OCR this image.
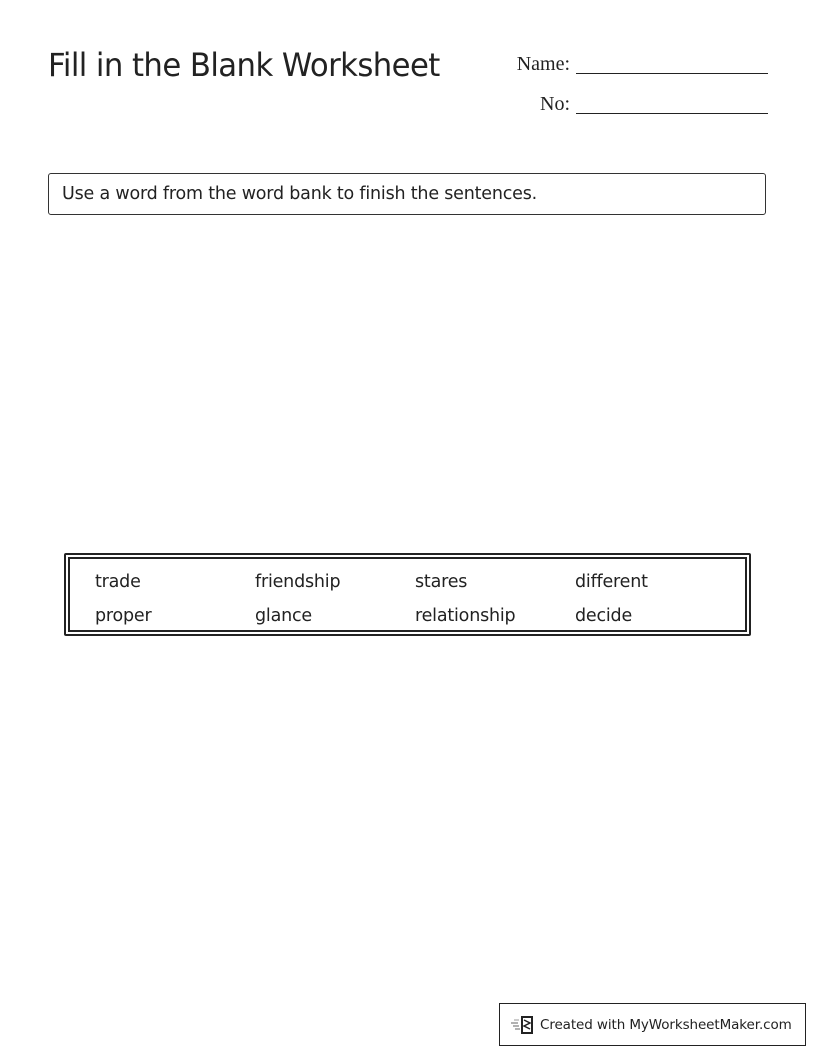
Fill in the Blank Worksheet	Name:
No:
Use a word from the word bank to finish the sentences.
trade	friendship	stares	different
proper	glance	relationship	decide
Created with MyWorksheetMaker.com
